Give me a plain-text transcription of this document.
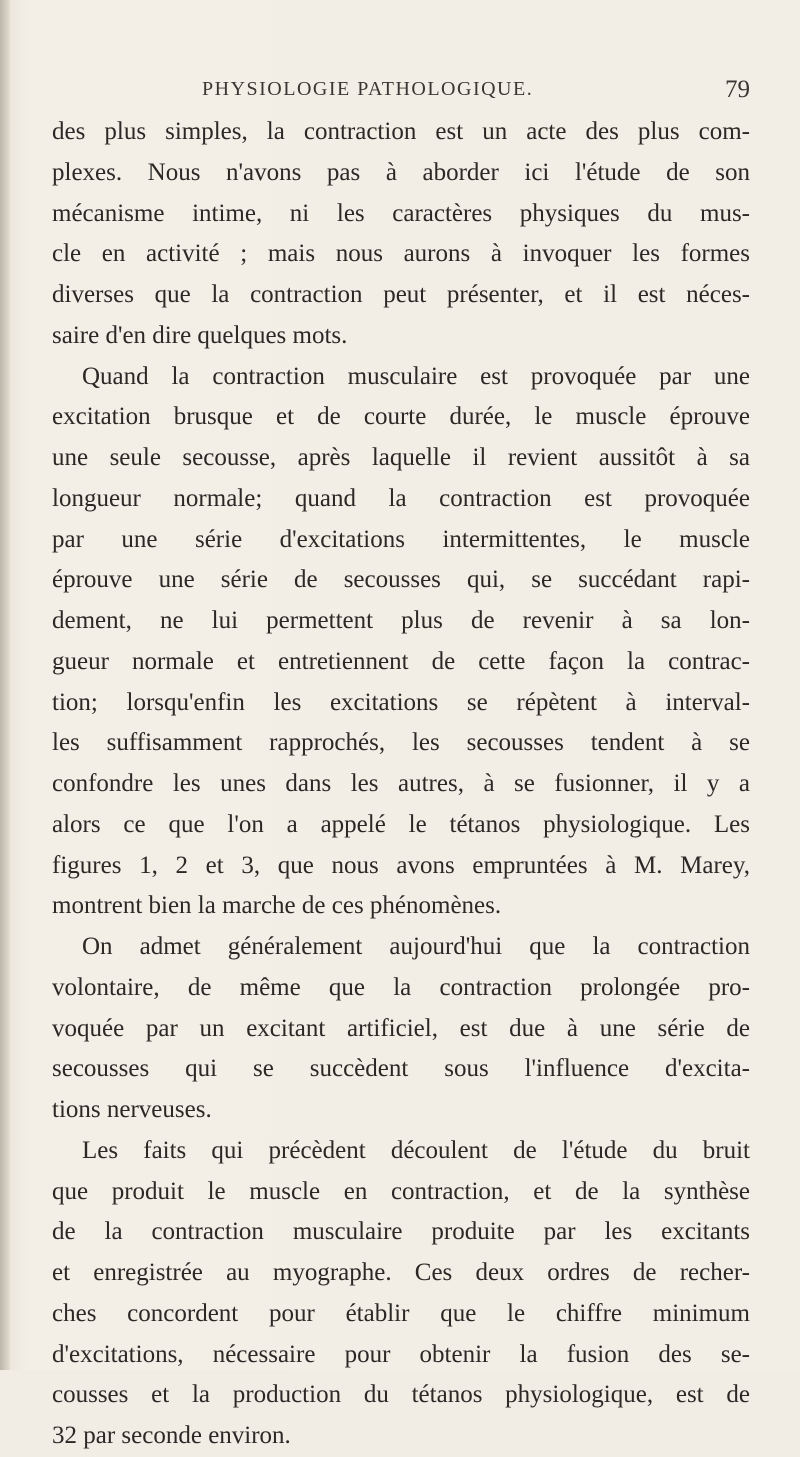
PHYSIOLOGIE PATHOLOGIQUE.	79
des plus simples, la contraction est un acte des plus com-
plexes. Nous n'avons pas à aborder ici l'étude de son
mécanisme intime, ni les caractères physiques du mus-
cle en activité ; mais nous aurons à invoquer les formes
diverses que la contraction peut présenter, et il est néces-
saire d'en dire quelques mots.
Quand la contraction musculaire est provoquée par une
excitation brusque et de courte durée, le muscle éprouve
une seule secousse, après laquelle il revient aussitôt à sa
longueur normale; quand la contraction est provoquée
par une série d'excitations intermittentes, le muscle
éprouve une série de secousses qui, se succédant rapi-
dement, ne lui permettent plus de revenir à sa lon-
gueur normale et entretiennent de cette façon la contrac-
tion; lorsqu'enfin les excitations se répètent à interval-
les suffisamment rapprochés, les secousses tendent à se
confondre les unes dans les autres, à se fusionner, il y a
alors ce que l'on a appelé le tétanos physiologique. Les
figures 1, 2 et 3, que nous avons empruntées à M. Marey,
montrent bien la marche de ces phénomènes.
On admet généralement aujourd'hui que la contraction
volontaire, de même que la contraction prolongée pro-
voquée par un excitant artificiel, est due à une série de
secousses qui se succèdent sous l'influence d'excita-
tions nerveuses.
Les faits qui précèdent découlent de l'étude du bruit
que produit le muscle en contraction, et de la synthèse
de la contraction musculaire produite par les excitants
et enregistrée au myographe. Ces deux ordres de recher-
ches concordent pour établir que le chiffre minimum
d'excitations, nécessaire pour obtenir la fusion des se-
cousses et la production du tétanos physiologique, est de
32 par seconde environ.
